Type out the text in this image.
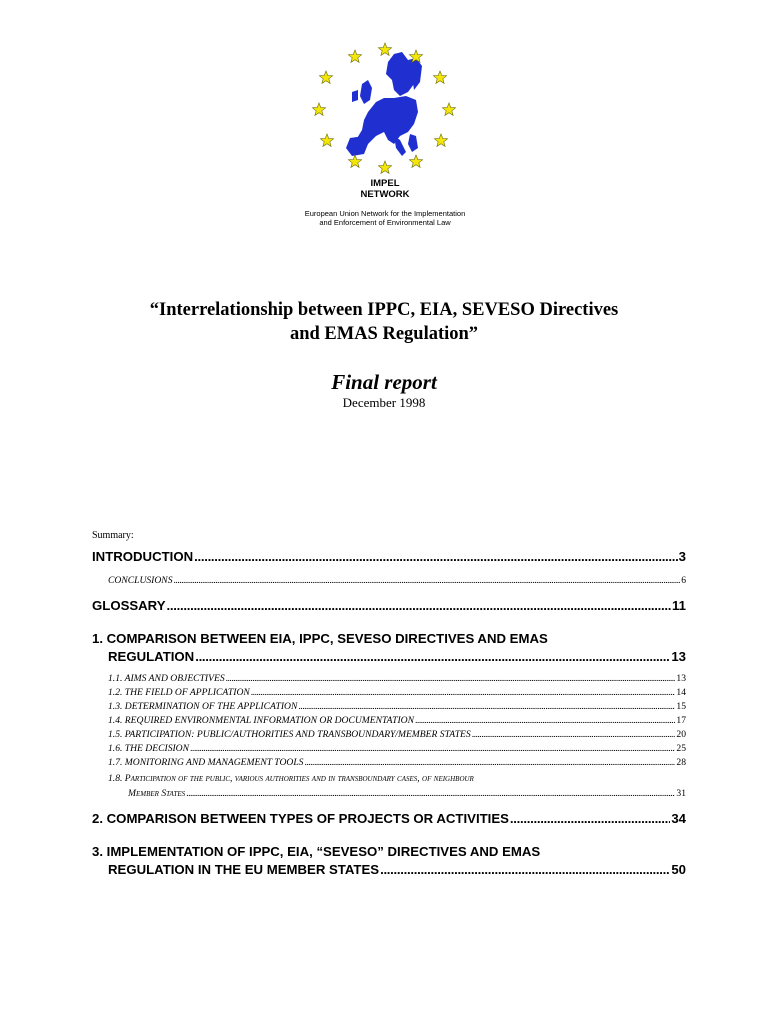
IMPEL
NETWORK
European Union Network for the Implementation
and Enforcement of Environmental Law
“Interrelationship between IPPC, EIA, SEVESO Directives
and EMAS Regulation”
Final report
December 1998
Summary:
INTRODUCTION .....	3
CONCLUSIONS .....	6
GLOSSARY .....	11
1. COMPARISON BETWEEN EIA, IPPC, SEVESO DIRECTIVES AND EMAS
REGULATION .....	13
1.1. AIMS AND OBJECTIVES .....	13
1.2. THE FIELD OF APPLICATION .....	14
1.3. DETERMINATION OF THE APPLICATION .....	15
1.4. REQUIRED ENVIRONMENTAL INFORMATION OR DOCUMENTATION .....	17
1.5. PARTICIPATION: PUBLIC/AUTHORITIES AND TRANSBOUNDARY/MEMBER STATES .....	20
1.6. THE DECISION .....	25
1.7. MONITORING AND MANAGEMENT TOOLS .....	28
1.8. Participation of the public, various authorities and in transboundary cases, of neighbour
Member States .....	31
2. COMPARISON BETWEEN TYPES OF PROJECTS OR ACTIVITIES .....	34
3. IMPLEMENTATION OF IPPC, EIA, “SEVESO” DIRECTIVES AND EMAS
REGULATION IN THE EU MEMBER STATES .....	50
